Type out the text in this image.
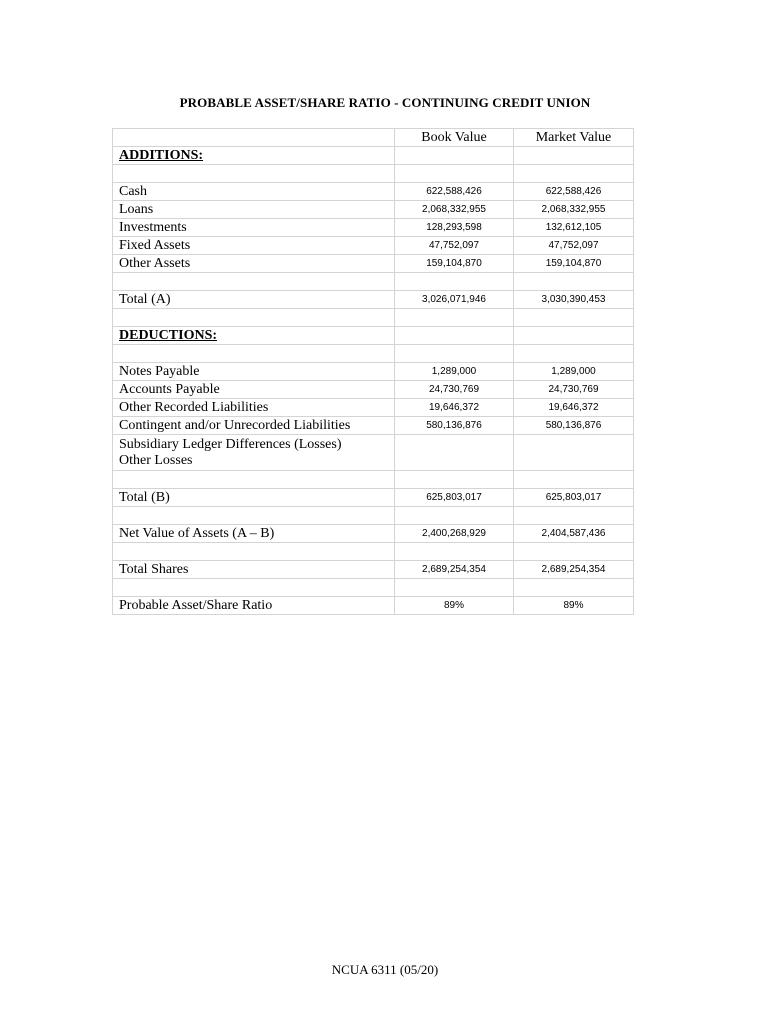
PROBABLE ASSET/SHARE RATIO - CONTINUING CREDIT UNION
	Book Value	Market Value
ADDITIONS:		

Cash	622,588,426	622,588,426
Loans	2,068,332,955	2,068,332,955
Investments	128,293,598	132,612,105
Fixed Assets	47,752,097	47,752,097
Other Assets	159,104,870	159,104,870

Total (A)	3,026,071,946	3,030,390,453

DEDUCTIONS:		

Notes Payable	1,289,000	1,289,000
Accounts Payable	24,730,769	24,730,769
Other Recorded Liabilities	19,646,372	19,646,372
Contingent and/or Unrecorded Liabilities	580,136,876	580,136,876

Subsidiary Ledger Differences (Losses)
Other Losses		

Total (B)	625,803,017	625,803,017

Net Value of Assets (A – B)	2,400,268,929	2,404,587,436

Total Shares	2,689,254,354	2,689,254,354

Probable Asset/Share Ratio	89%	89%
NCUA 6311 (05/20)
